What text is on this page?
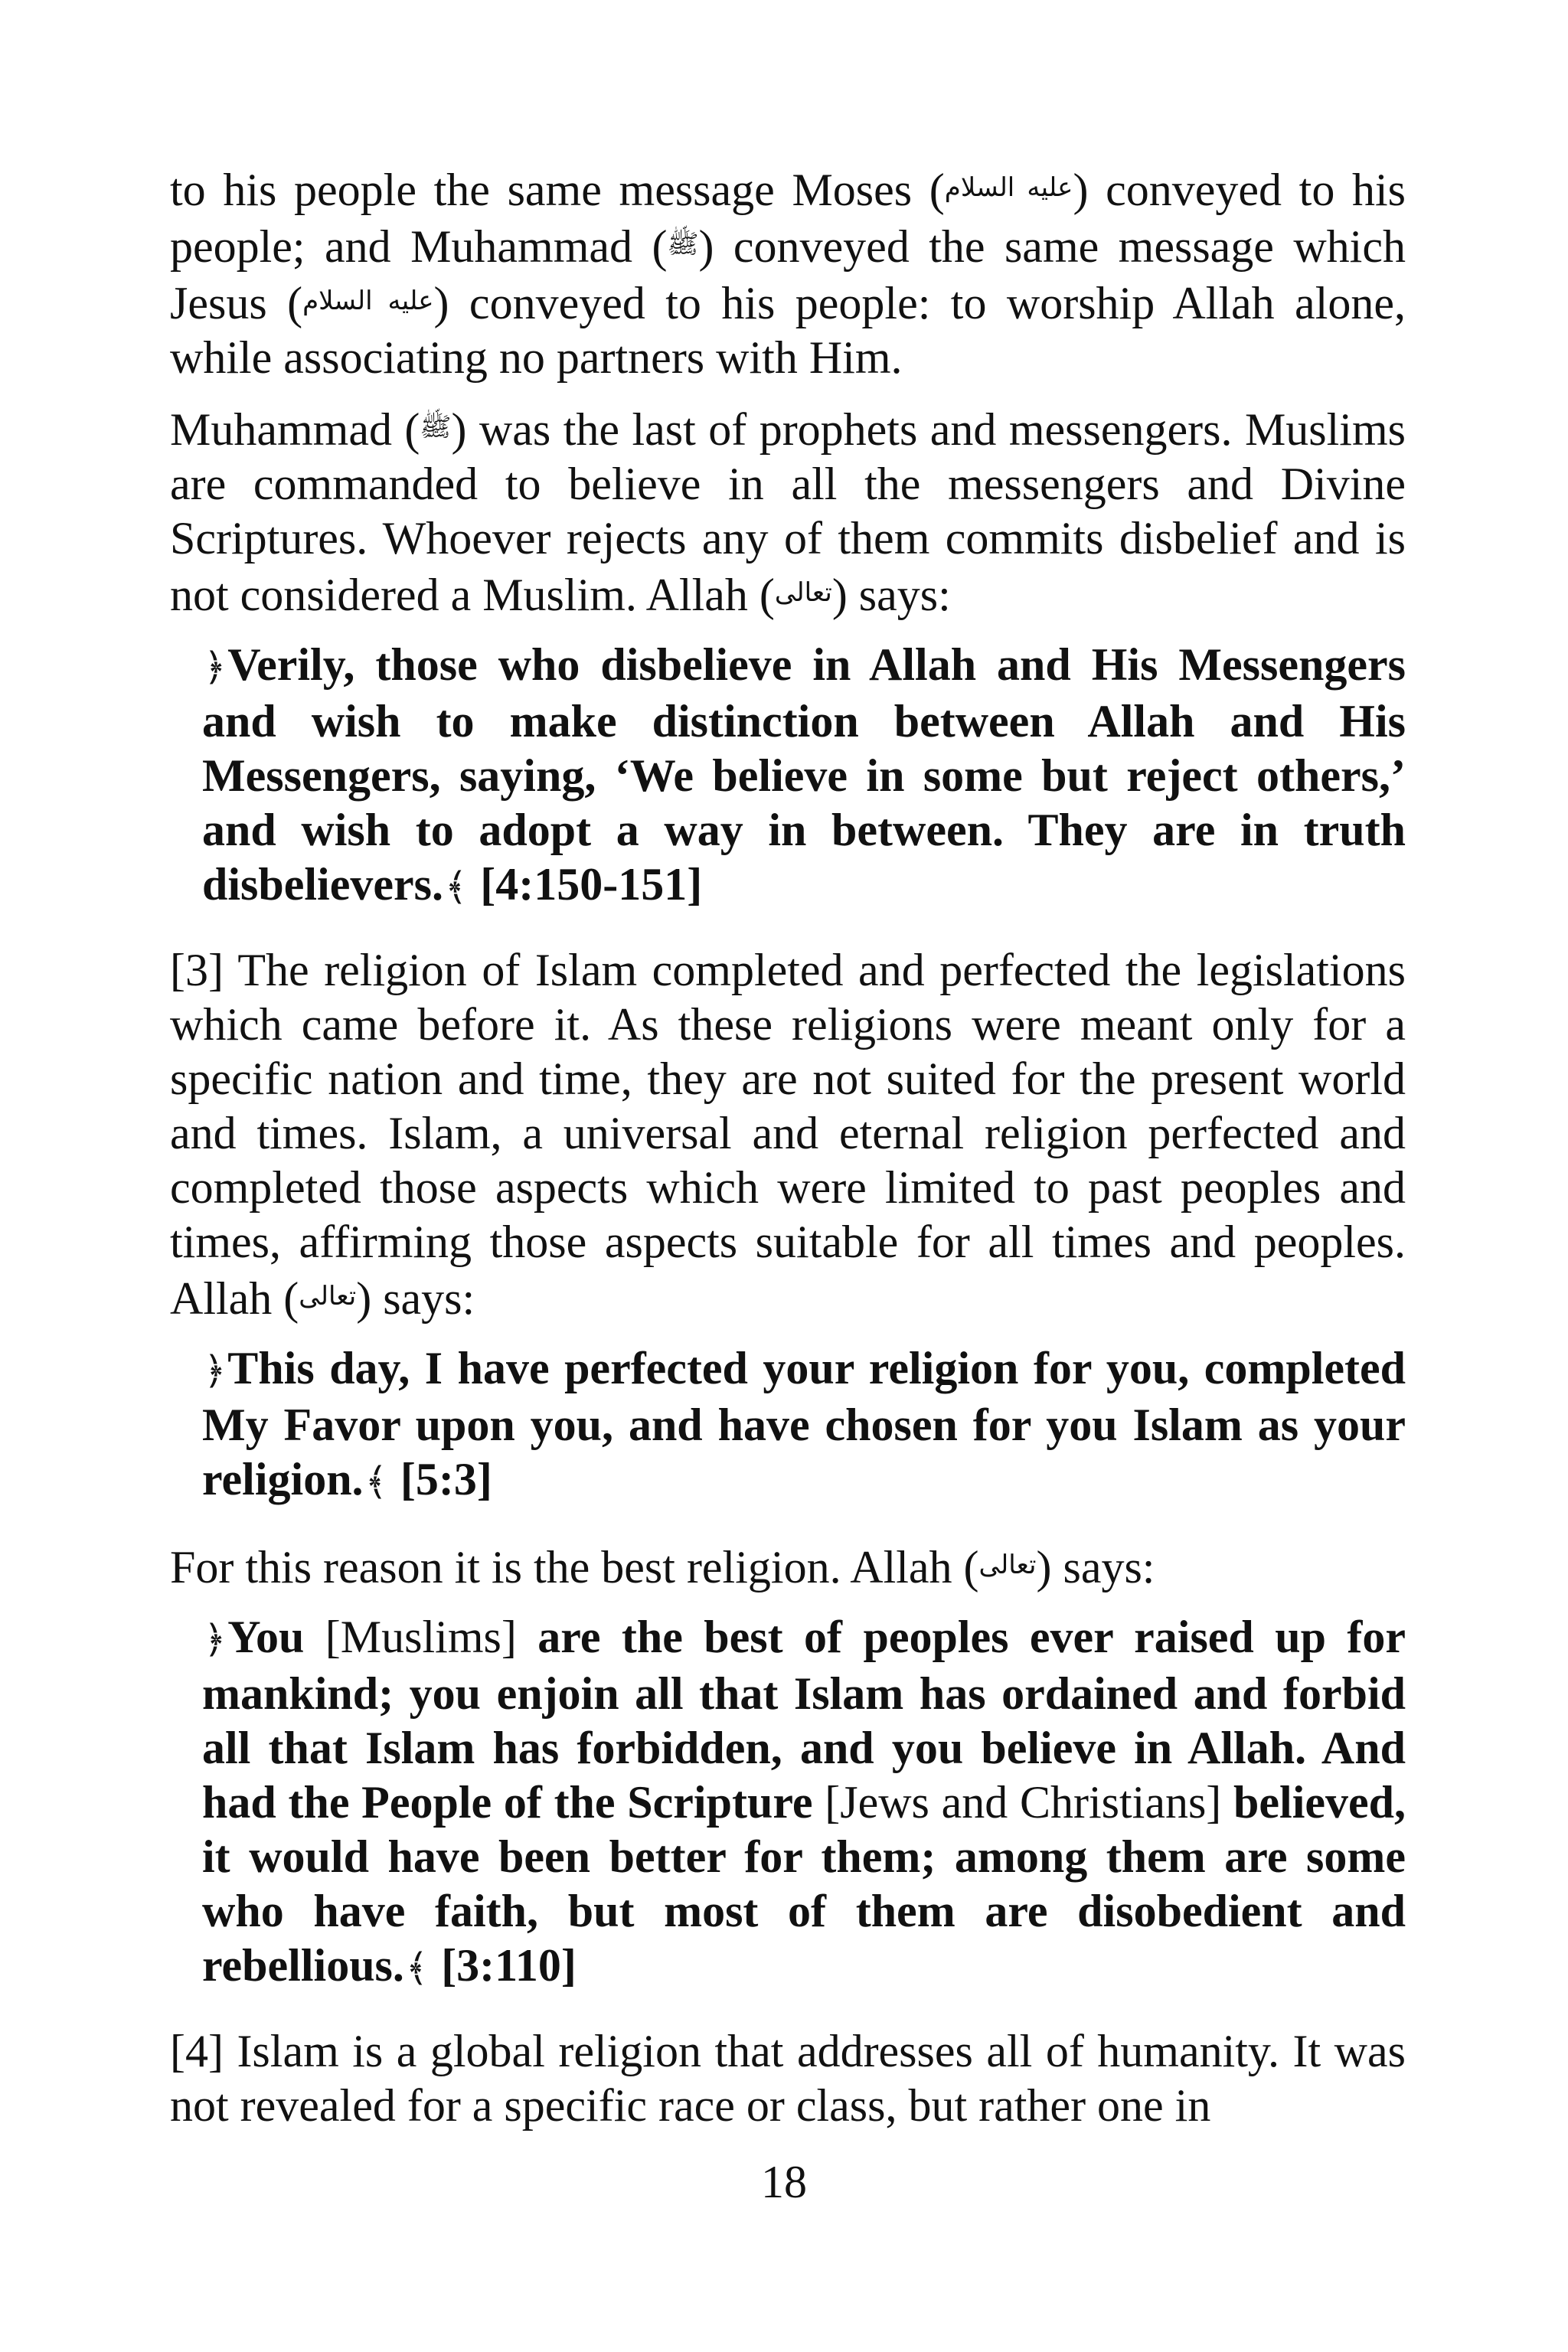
to his people the same message Moses ($^{عليه السلام}$) conveyed to his people; and Muhammad ($^ﷺ$) conveyed the same message which Jesus ($^{عليه السلام}$) conveyed to his people: to worship Allah alone, while associating no partners with Him.

Muhammad ($^ﷺ$) was the last of prophets and messengers. Muslims are commanded to believe in all the messengers and Divine Scriptures. Whoever rejects any of them commits disbelief and is not considered a Muslim. Allah ($^{تعالى}$) says:

﴿Verily, those who disbelieve in Allah and His Messengers and wish to make distinction between Allah and His Messengers, saying, ‘We believe in some but reject others,’ and wish to adopt a way in between. They are in truth disbelievers.﴾ [4:150-151]

[3] The religion of Islam completed and perfected the legislations which came before it. As these religions were meant only for a specific nation and time, they are not suited for the present world and times. Islam, a universal and eternal religion perfected and completed those aspects which were limited to past peoples and times, affirming those aspects suitable for all times and peoples. Allah ($^{تعالى}$) says:

﴿This day, I have perfected your religion for you, completed My Favor upon you, and have chosen for you Islam as your religion.﴾ [5:3]

For this reason it is the best religion. Allah ($^{تعالى}$) says:

﴿You [Muslims] are the best of peoples ever raised up for mankind; you enjoin all that Islam has ordained and forbid all that Islam has forbidden, and you believe in Allah. And had the People of the Scripture [Jews and Christians] believed, it would have been better for them; among them are some who have faith, but most of them are disobedient and rebellious.﴾ [3:110]

[4] Islam is a global religion that addresses all of humanity. It was not revealed for a specific race or class, but rather one in

18
